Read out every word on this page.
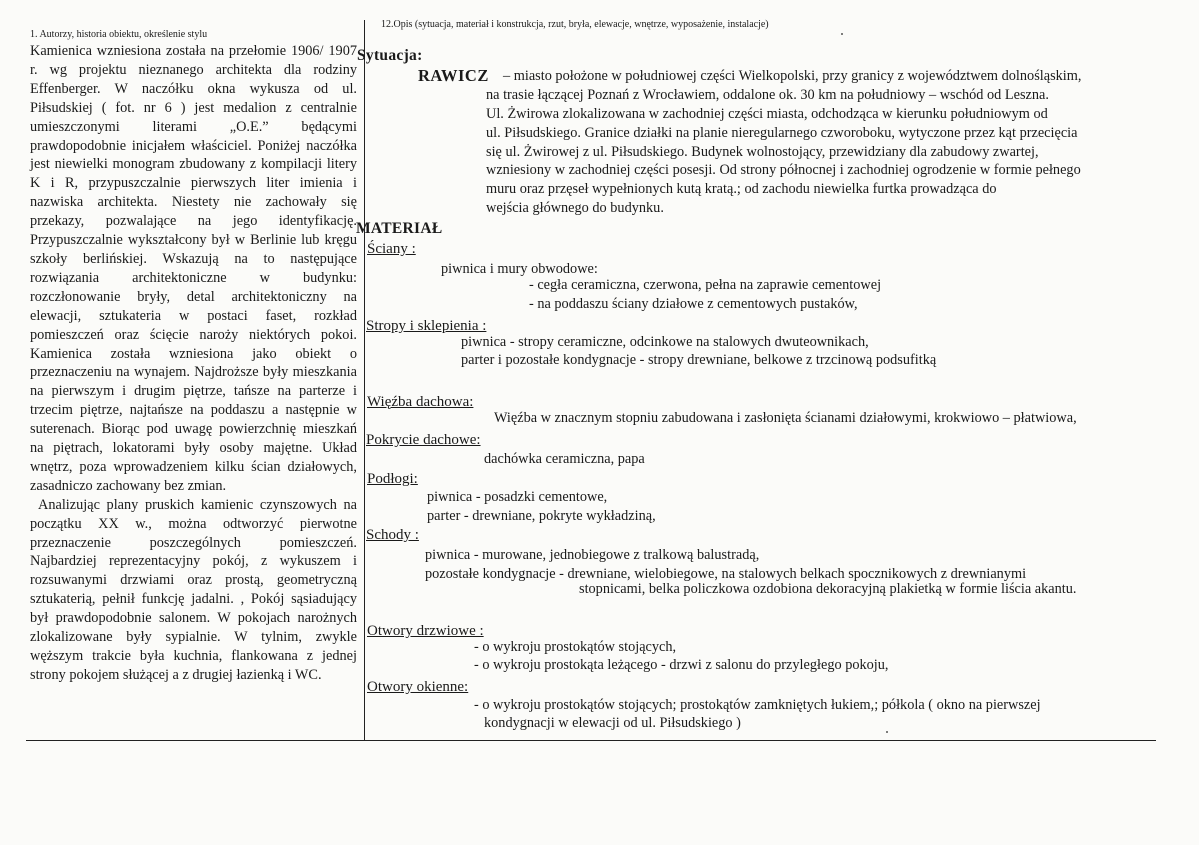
1. Autorzy, historia obiektu, określenie stylu

Kamienica wzniesiona została na przełomie 1906/ 1907 r. wg projektu nieznanego architekta dla rodziny Effenberger. W naczółku okna wykusza od ul. Piłsudskiej ( fot. nr 6 ) jest medalion z centralnie umieszczonymi literami „O.E.” będącymi prawdopodobnie inicjałem właściciel. Poniżej naczółka jest niewielki monogram zbudowany z kompilacji litery K i R, przypuszczalnie pierwszych liter imienia i nazwiska architekta. Niestety nie zachowały się przekazy, pozwalające na jego identyfikację. Przypuszczalnie wykształcony był w Berlinie lub kręgu szkoły berlińskiej. Wskazują na to następujące rozwiązania architektoniczne w budynku: rozczłonowanie bryły, detal architektoniczny na elewacji, sztukateria w postaci faset, rozkład pomieszczeń oraz ścięcie naroży niektórych pokoi. Kamienica została wzniesiona jako obiekt o przeznaczeniu na wynajem. Najdroższe były mieszkania na pierwszym i drugim piętrze, tańsze na parterze i trzecim piętrze, najtańsze na poddaszu a następnie w suterenach. Biorąc pod uwagę powierzchnię mieszkań na piętrach, lokatorami były osoby majętne. Układ wnętrz, poza wprowadzeniem kilku ścian działowych, zasadniczo zachowany bez zmian.

Analizując plany pruskich kamienic czynszowych na początku XX w., można odtworzyć pierwotne przeznaczenie poszczególnych pomieszczeń. Najbardziej reprezentacyjny pokój, z wykuszem i rozsuwanymi drzwiami oraz prostą, geometryczną sztukaterią, pełnił funkcję jadalni. , Pokój sąsiadujący był prawdopodobnie salonem. W pokojach narożnych zlokalizowane były sypialnie. W tylnim, zwykle węższym trakcie była kuchnia, flankowana z jednej strony pokojem służącej a z drugiej łazienką i WC.

12.Opis (sytuacja, materiał i konstrukcja, rzut, bryła, elewacje, wnętrze, wyposażenie, instalacje)
Sytuacja:
RAWICZ – miasto położone w południowej części Wielkopolski, przy granicy z województwem dolnośląskim,
na trasie łączącej Poznań z Wrocławiem, oddalone ok. 30 km na południowy – wschód od Leszna.
Ul. Żwirowa zlokalizowana w zachodniej części miasta, odchodząca w kierunku południowym od
ul. Piłsudskiego. Granice działki na planie nieregularnego czworoboku, wytyczone przez kąt przecięcia
się ul. Żwirowej z ul. Piłsudskiego. Budynek wolnostojący, przewidziany dla zabudowy zwartej,
wzniesiony w zachodniej części posesji. Od strony północnej i zachodniej ogrodzenie w formie pełnego
muru oraz przęseł wypełnionych kutą kratą.; od zachodu niewielka furtka prowadząca do
wejścia głównego do budynku.
MATERIAŁ
Ściany :
piwnica i mury obwodowe:
- cegła ceramiczna, czerwona, pełna na zaprawie cementowej
- na poddaszu ściany działowe z cementowych pustaków,
Stropy i sklepienia :
piwnica - stropy ceramiczne, odcinkowe na stalowych dwuteownikach,
parter i pozostałe kondygnacje - stropy drewniane, belkowe z trzcinową podsufitką
Więźba dachowa:
Więźba w znacznym stopniu zabudowana i zasłonięta ścianami działowymi, krokwiowo – płatwiowa,
Pokrycie dachowe:
dachówka ceramiczna, papa
Podłogi:
piwnica - posadzki cementowe,
parter - drewniane, pokryte wykładziną,
Schody :
piwnica - murowane, jednobiegowe z tralkową balustradą,
pozostałe kondygnacje - drewniane, wielobiegowe, na stalowych belkach spocznikowych z drewnianymi
stopnicami, belka policzkowa ozdobiona dekoracyjną plakietką w formie liścia akantu.
Otwory drzwiowe :
- o wykroju prostokątów stojących,
- o wykroju prostokąta leżącego - drzwi z salonu do przyległego pokoju,
Otwory okienne:
- o wykroju prostokątów stojących; prostokątów zamkniętych łukiem,; półkola ( okno na pierwszej
kondygnacji w elewacji od ul. Piłsudskiego )
